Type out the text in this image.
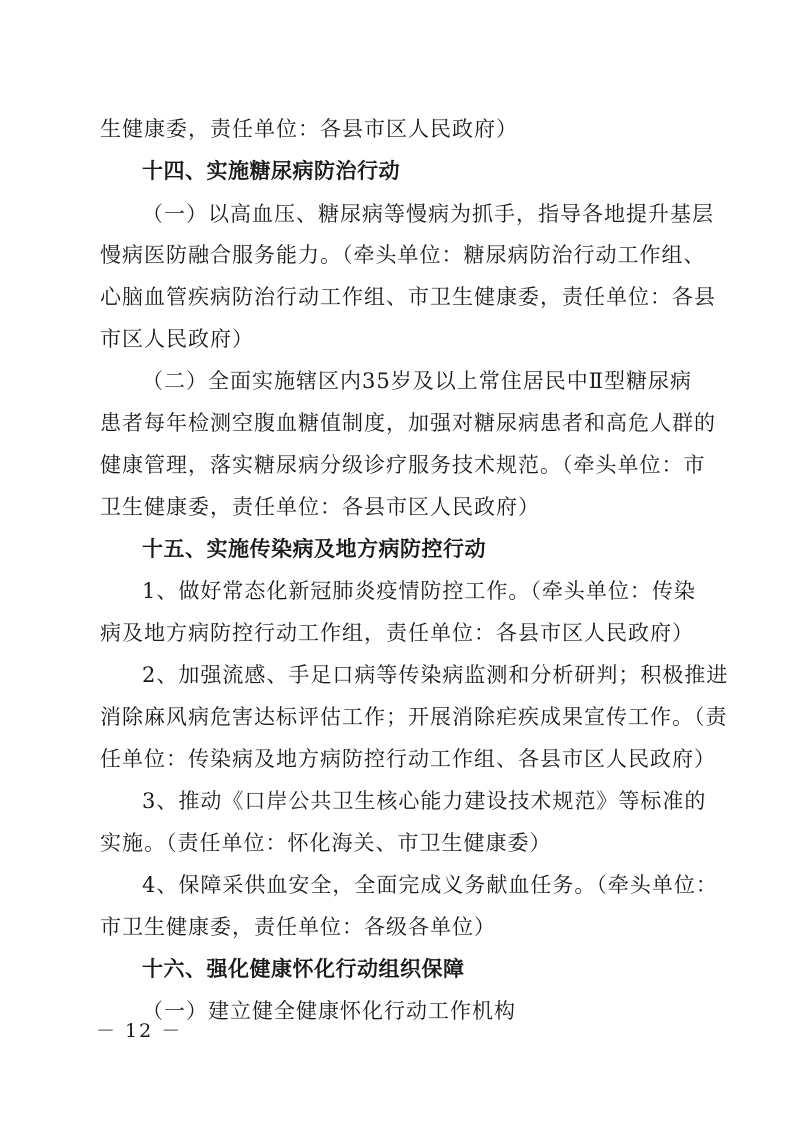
生健康委，责任单位：各县市区人民政府）
十四、实施糖尿病防治行动
（一）以高血压、糖尿病等慢病为抓手，指导各地提升基层
慢病医防融合服务能力。（牵头单位：糖尿病防治行动工作组、
心脑血管疾病防治行动工作组、市卫生健康委，责任单位：各县
市区人民政府）
（二）全面实施辖区内35岁及以上常住居民中Ⅱ型糖尿病
患者每年检测空腹血糖值制度，加强对糖尿病患者和高危人群的
健康管理，落实糖尿病分级诊疗服务技术规范。（牵头单位：市
卫生健康委，责任单位：各县市区人民政府）
十五、实施传染病及地方病防控行动
1、做好常态化新冠肺炎疫情防控工作。（牵头单位：传染
病及地方病防控行动工作组，责任单位：各县市区人民政府）
2、加强流感、手足口病等传染病监测和分析研判；积极推进
消除麻风病危害达标评估工作；开展消除疟疾成果宣传工作。（责
任单位：传染病及地方病防控行动工作组、各县市区人民政府）
3、推动《口岸公共卫生核心能力建设技术规范》等标准的
实施。（责任单位：怀化海关、市卫生健康委）
4、保障采供血安全，全面完成义务献血任务。（牵头单位：
市卫生健康委，责任单位：各级各单位）
十六、强化健康怀化行动组织保障
（一）建立健全健康怀化行动工作机构
－ 12 －
